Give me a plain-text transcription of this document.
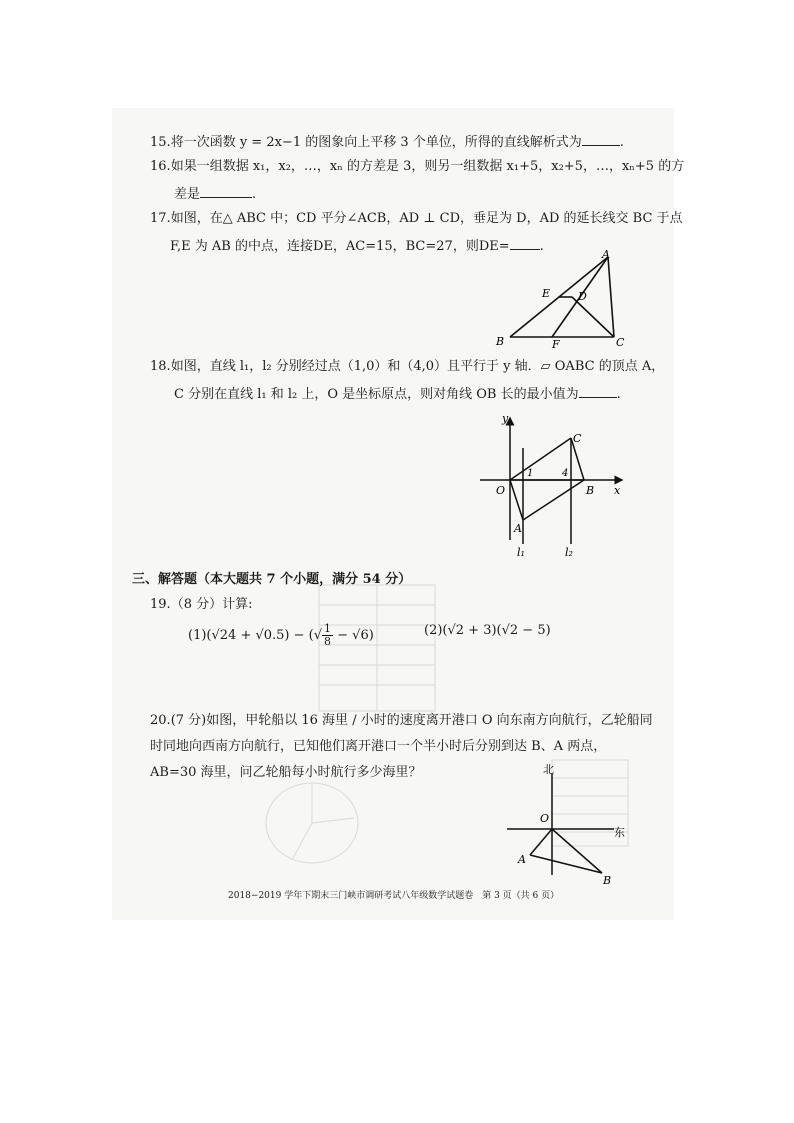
15.将一次函数 y = 2x−1 的图象向上平移 3 个单位，所得的直线解析式为	.
16.如果一组数据 x₁，x₂，…，xₙ 的方差是 3，则另一组数据 x₁+5，x₂+5，…，xₙ+5 的方
差是	.
17.如图，在△ ABC 中；CD 平分∠ACB，AD ⊥ CD，垂足为 D，AD 的延长线交 BC 于点
F,E 为 AB 的中点，连接DE，AC=15，BC=27，则DE= .
A
B	C
D
E
F
18.如图，直线 l₁，l₂ 分别经过点（1,0）和（4,0）且平行于 y 轴．▱ OABC 的顶点 A，
C 分别在直线 l₁ 和 l₂ 上，O 是坐标原点，则对角线 OB 长的最小值为	.
y
x
O
A
B
C
1	4
l₁	l₂
三、解答题（本大题共 7 个小题，满分 54 分）
19.（8 分）计算:
(1)(√24 + √0.5) − (√ $\frac{1}{8} - √6$)	(2)(√2 + 3)(√2 − 5)
20.(7 分)如图，甲轮船以 16 海里 / 小时的速度离开港口 O 向东南方向航行，乙轮船同
时同地向西南方向航行，已知他们离开港口一个半小时后分别到达 B、A 两点，
AB=30 海里，问乙轮船每小时航行多少海里？	北
东
O
A
B
2018−2019 学年下期末三门峡市调研考试八年级数学试题卷　第 3 页（共 6 页）
